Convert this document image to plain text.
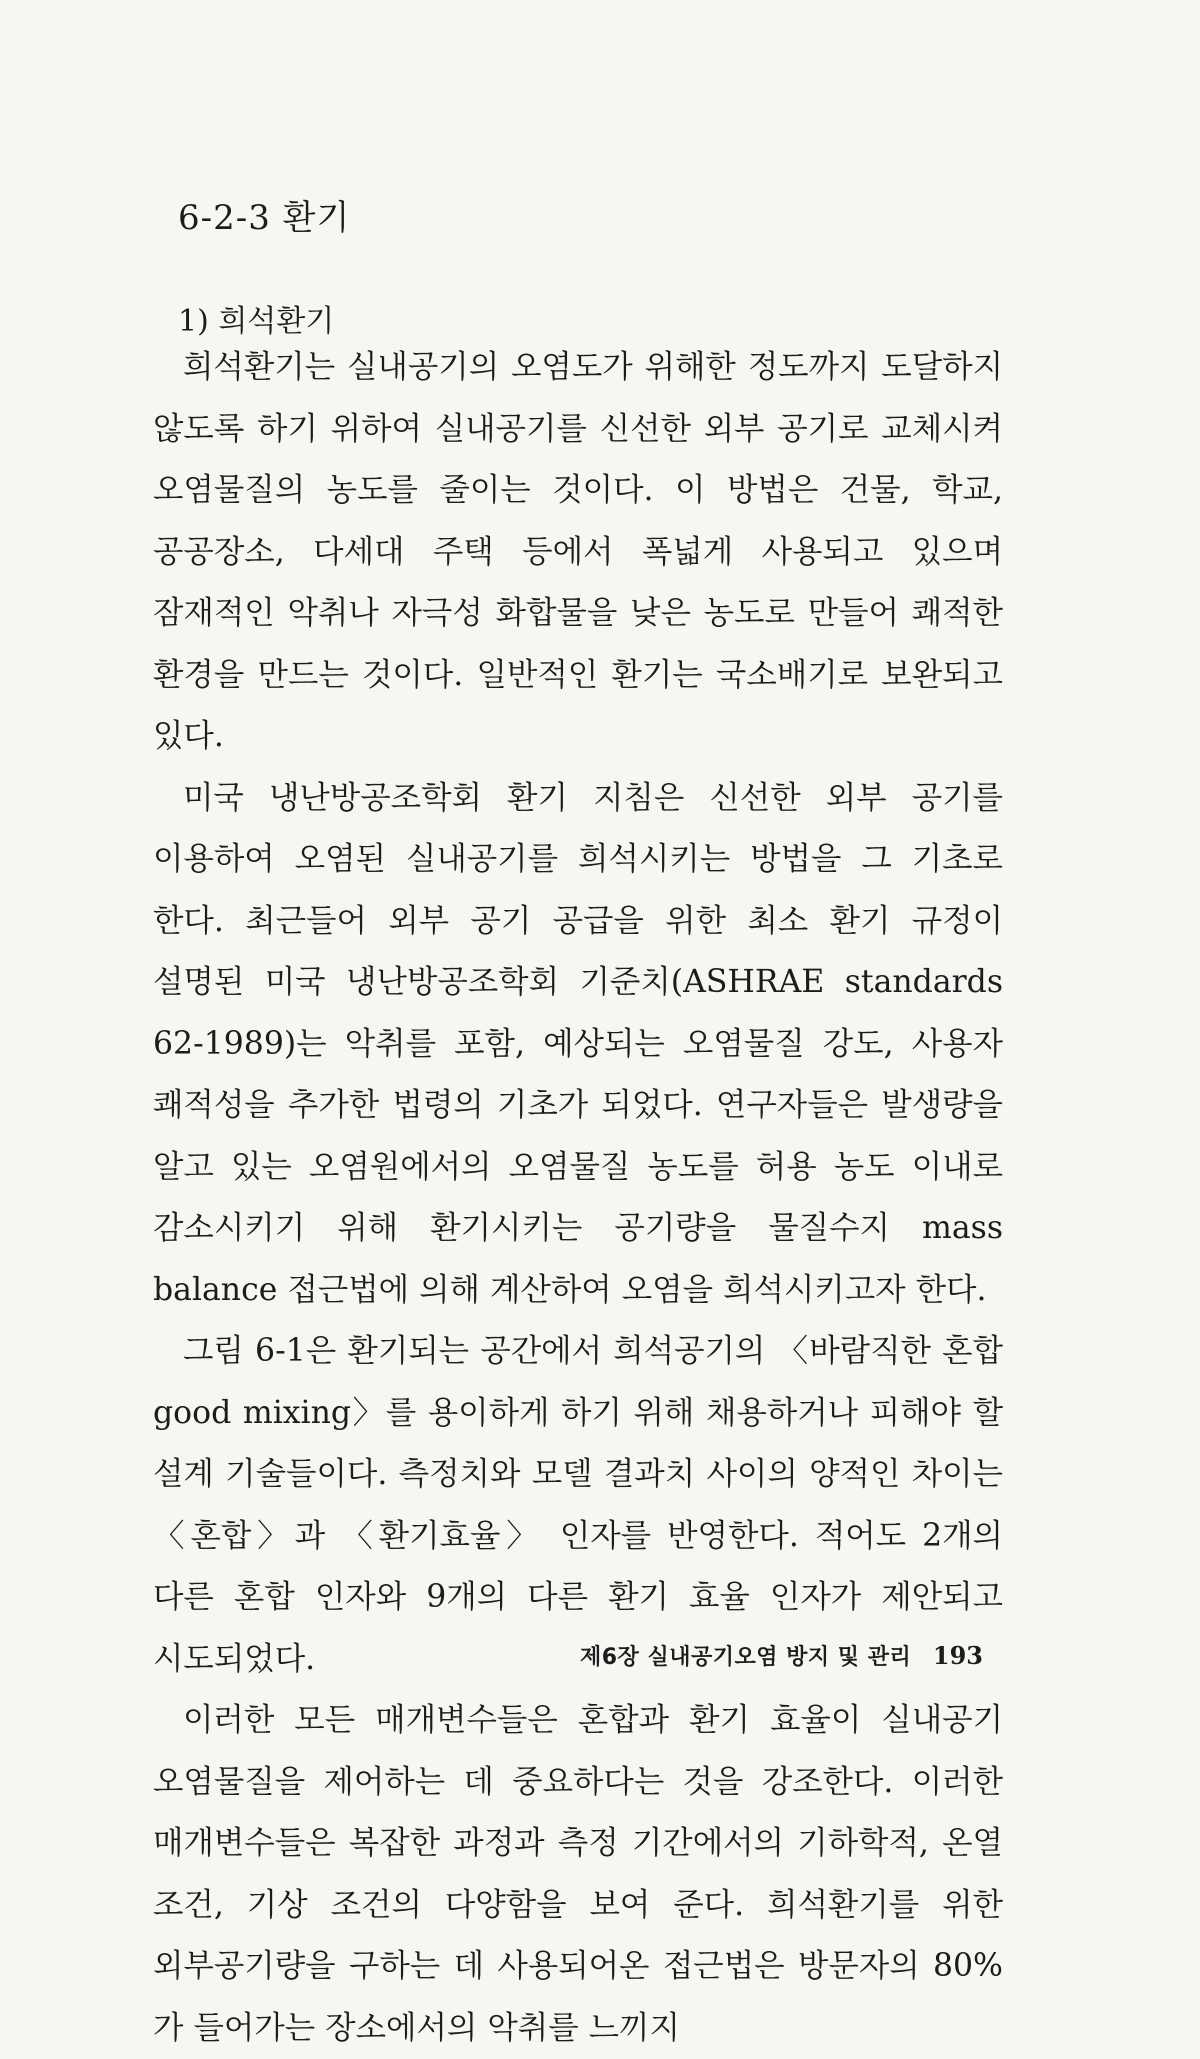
6-2-3 환기
1) 희석환기

희석환기는 실내공기의 오염도가 위해한 정도까지 도달하지 않도록 하기 위하여 실내공기를 신선한 외부 공기로 교체시켜 오염물질의 농도를 줄이는 것이다. 이 방법은 건물, 학교, 공공장소, 다세대 주택 등에서 폭넓게 사용되고 있으며 잠재적인 악취나 자극성 화합물을 낮은 농도로 만들어 쾌적한 환경을 만드는 것이다. 일반적인 환기는 국소배기로 보완되고 있다.

미국 냉난방공조학회 환기 지침은 신선한 외부 공기를 이용하여 오염된 실내공기를 희석시키는 방법을 그 기초로 한다. 최근들어 외부 공기 공급을 위한 최소 환기 규정이 설명된 미국 냉난방공조학회 기준치(ASHRAE standards 62-1989)는 악취를 포함, 예상되는 오염물질 강도, 사용자 쾌적성을 추가한 법령의 기초가 되었다. 연구자들은 발생량을 알고 있는 오염원에서의 오염물질 농도를 허용 농도 이내로 감소시키기 위해 환기시키는 공기량을 물질수지 mass balance 접근법에 의해 계산하여 오염을 희석시키고자 한다.

그림 6-1은 환기되는 공간에서 희석공기의 〈바람직한 혼합 good mixing〉를 용이하게 하기 위해 채용하거나 피해야 할 설계 기술들이다. 측정치와 모델 결과치 사이의 양적인 차이는 〈혼합〉과 〈환기효율〉 인자를 반영한다. 적어도 2개의 다른 혼합 인자와 9개의 다른 환기 효율 인자가 제안되고 시도되었다.

이러한 모든 매개변수들은 혼합과 환기 효율이 실내공기 오염물질을 제어하는 데 중요하다는 것을 강조한다. 이러한 매개변수들은 복잡한 과정과 측정 기간에서의 기하학적, 온열 조건, 기상 조건의 다양함을 보여 준다. 희석환기를 위한 외부공기량을 구하는 데 사용되어온 접근법은 방문자의 80%가 들어가는 장소에서의 악취를 느끼지

제6장 실내공기오염 방지 및 관리 193
